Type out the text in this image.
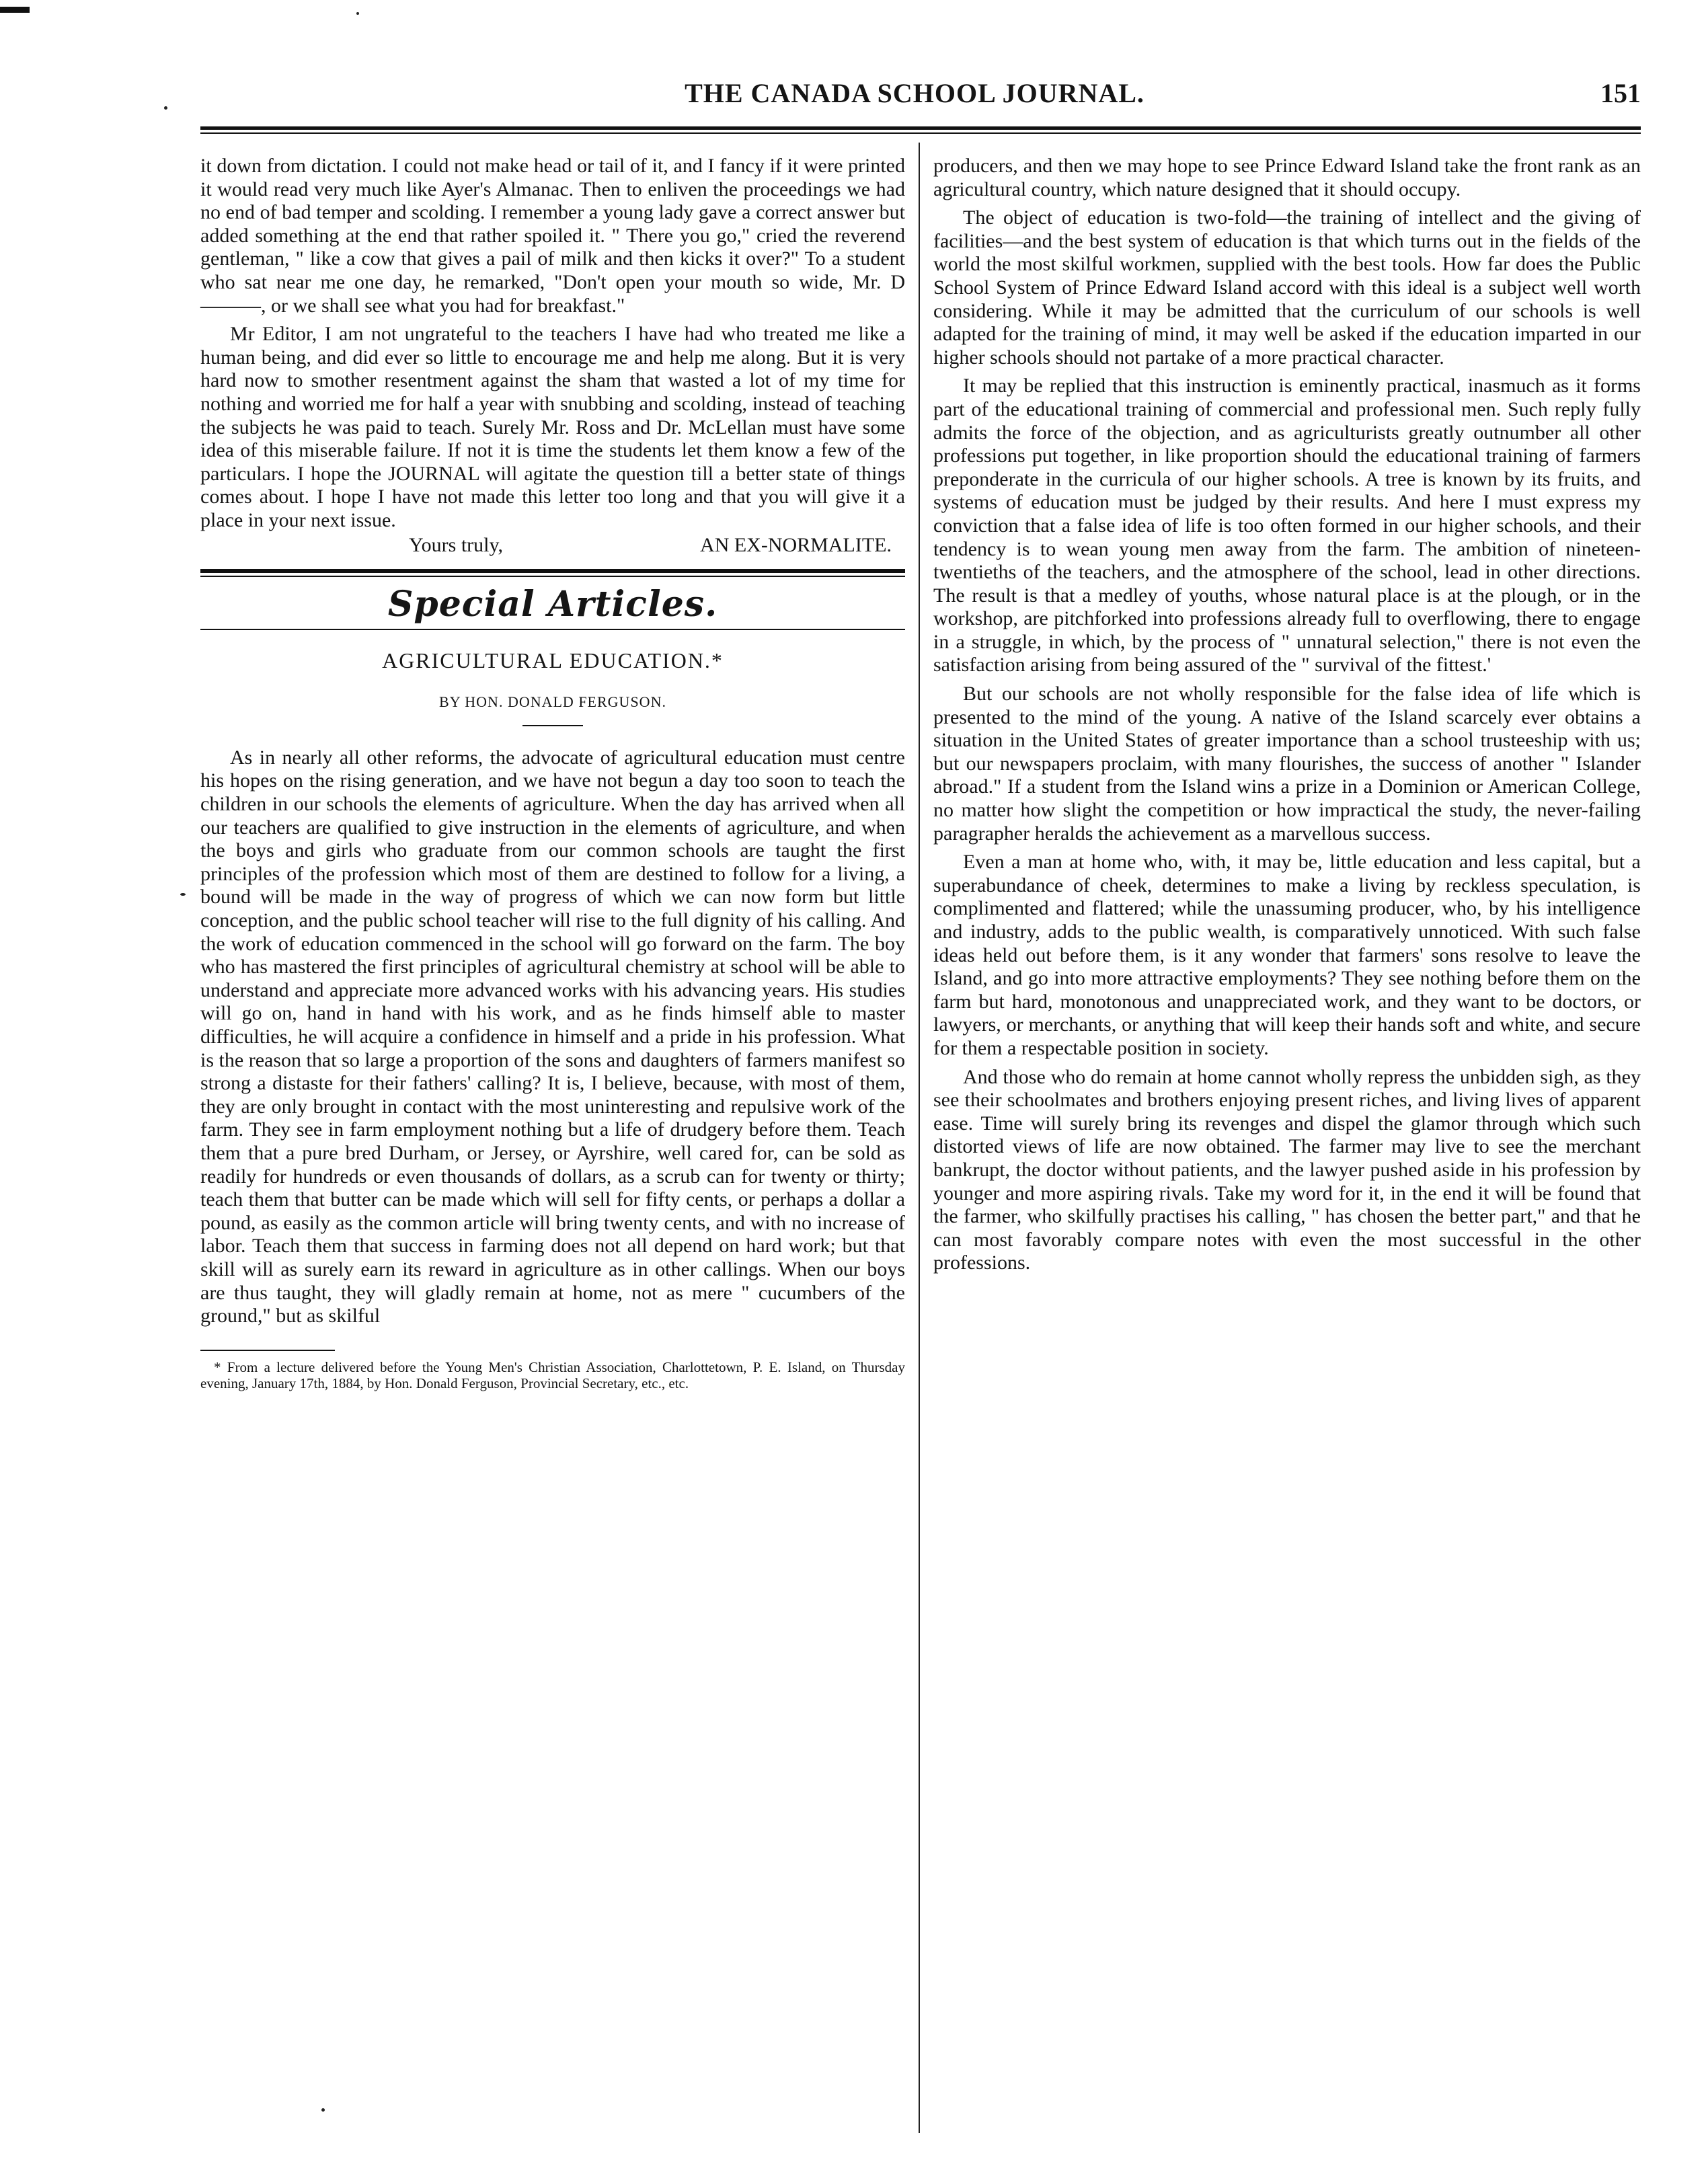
THE CANADA SCHOOL JOURNAL.	151

it down from dictation. I could not make head or tail of it, and I fancy if it were printed it would read very much like Ayer's Almanac. Then to enliven the proceedings we had no end of bad temper and scolding. I remember a young lady gave a correct answer but added something at the end that rather spoiled it. " There you go," cried the reverend gentleman, " like a cow that gives a pail of milk and then kicks it over?" To a student who sat near me one day, he remarked, "Don't open your mouth so wide, Mr. D———, or we shall see what you had for breakfast."

Mr Editor, I am not ungrateful to the teachers I have had who treated me like a human being, and did ever so little to encourage me and help me along. But it is very hard now to smother resentment against the sham that wasted a lot of my time for nothing and worried me for half a year with snubbing and scolding, instead of teaching the subjects he was paid to teach. Surely Mr. Ross and Dr. McLellan must have some idea of this miserable failure. If not it is time the students let them know a few of the particulars. I hope the JOURNAL will agitate the question till a better state of things comes about. I hope I have not made this letter too long and that you will give it a place in your next issue.

Yours truly,	AN EX-NORMALITE.
Special Articles.
AGRICULTURAL EDUCATION.*
BY HON. DONALD FERGUSON.

As in nearly all other reforms, the advocate of agricultural education must centre his hopes on the rising generation, and we have not begun a day too soon to teach the children in our schools the elements of agriculture. When the day has arrived when all our teachers are qualified to give instruction in the elements of agriculture, and when the boys and girls who graduate from our common schools are taught the first principles of the profession which most of them are destined to follow for a living, a bound will be made in the way of progress of which we can now form but little conception, and the public school teacher will rise to the full dignity of his calling. And the work of education commenced in the school will go forward on the farm. The boy who has mastered the first principles of agricultural chemistry at school will be able to understand and appreciate more advanced works with his advancing years. His studies will go on, hand in hand with his work, and as he finds himself able to master difficulties, he will acquire a confidence in himself and a pride in his profession. What is the reason that so large a proportion of the sons and daughters of farmers manifest so strong a distaste for their fathers' calling? It is, I believe, because, with most of them, they are only brought in contact with the most uninteresting and repulsive work of the farm. They see in farm employment nothing but a life of drudgery before them. Teach them that a pure bred Durham, or Jersey, or Ayrshire, well cared for, can be sold as readily for hundreds or even thousands of dollars, as a scrub can for twenty or thirty; teach them that butter can be made which will sell for fifty cents, or perhaps a dollar a pound, as easily as the common article will bring twenty cents, and with no increase of labor. Teach them that success in farming does not all depend on hard work; but that skill will as surely earn its reward in agriculture as in other callings. When our boys are thus taught, they will gladly remain at home, not as mere " cucumbers of the ground," but as skilful

* From a lecture delivered before the Young Men's Christian Association, Charlottetown, P. E. Island, on Thursday evening, January 17th, 1884, by Hon. Donald Ferguson, Provincial Secretary, etc., etc.

producers, and then we may hope to see Prince Edward Island take the front rank as an agricultural country, which nature designed that it should occupy.

The object of education is two-fold—the training of intellect and the giving of facilities—and the best system of education is that which turns out in the fields of the world the most skilful workmen, supplied with the best tools. How far does the Public School System of Prince Edward Island accord with this ideal is a subject well worth considering. While it may be admitted that the curriculum of our schools is well adapted for the training of mind, it may well be asked if the education imparted in our higher schools should not partake of a more practical character.

It may be replied that this instruction is eminently practical, inasmuch as it forms part of the educational training of commercial and professional men. Such reply fully admits the force of the objection, and as agriculturists greatly outnumber all other professions put together, in like proportion should the educational training of farmers preponderate in the curricula of our higher schools. A tree is known by its fruits, and systems of education must be judged by their results. And here I must express my conviction that a false idea of life is too often formed in our higher schools, and their tendency is to wean young men away from the farm. The ambition of nineteen-twentieths of the teachers, and the atmosphere of the school, lead in other directions. The result is that a medley of youths, whose natural place is at the plough, or in the workshop, are pitchforked into professions already full to overflowing, there to engage in a struggle, in which, by the process of " unnatural selection," there is not even the satisfaction arising from being assured of the " survival of the fittest.'

But our schools are not wholly responsible for the false idea of life which is presented to the mind of the young. A native of the Island scarcely ever obtains a situation in the United States of greater importance than a school trusteeship with us; but our newspapers proclaim, with many flourishes, the success of another " Islander abroad." If a student from the Island wins a prize in a Dominion or American College, no matter how slight the competition or how impractical the study, the never-failing paragrapher heralds the achievement as a marvellous success.

Even a man at home who, with, it may be, little education and less capital, but a superabundance of cheek, determines to make a living by reckless speculation, is complimented and flattered; while the unassuming producer, who, by his intelligence and industry, adds to the public wealth, is comparatively unnoticed. With such false ideas held out before them, is it any wonder that farmers' sons resolve to leave the Island, and go into more attractive employments? They see nothing before them on the farm but hard, monotonous and unappreciated work, and they want to be doctors, or lawyers, or merchants, or anything that will keep their hands soft and white, and secure for them a respectable position in society.

And those who do remain at home cannot wholly repress the unbidden sigh, as they see their schoolmates and brothers enjoying present riches, and living lives of apparent ease. Time will surely bring its revenges and dispel the glamor through which such distorted views of life are now obtained. The farmer may live to see the merchant bankrupt, the doctor without patients, and the lawyer pushed aside in his profession by younger and more aspiring rivals. Take my word for it, in the end it will be found that the farmer, who skilfully practises his calling, " has chosen the better part," and that he can most favorably compare notes with even the most successful in the other professions.
